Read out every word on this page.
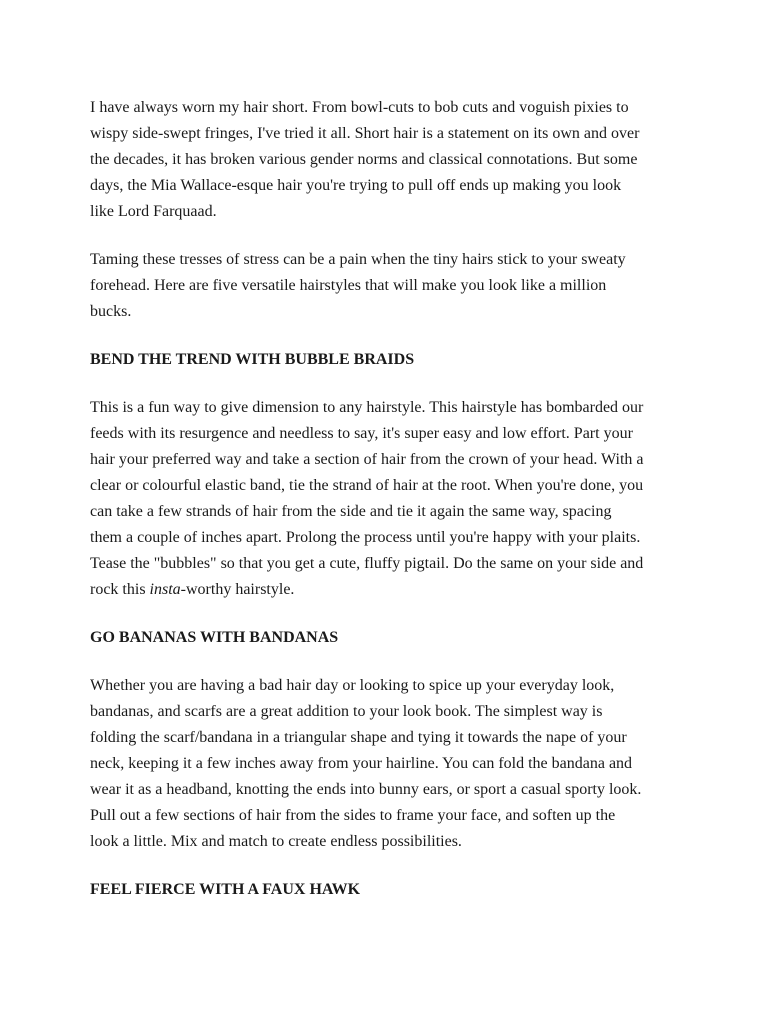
I have always worn my hair short. From bowl-cuts to bob cuts and voguish pixies to
wispy side-swept fringes, I've tried it all. Short hair is a statement on its own and over
the decades, it has broken various gender norms and classical connotations. But some
days, the Mia Wallace-esque hair you're trying to pull off ends up making you look
like Lord Farquaad.

Taming these tresses of stress can be a pain when the tiny hairs stick to your sweaty
forehead. Here are five versatile hairstyles that will make you look like a million
bucks.

BEND THE TREND WITH BUBBLE BRAIDS

This is a fun way to give dimension to any hairstyle. This hairstyle has bombarded our
feeds with its resurgence and needless to say, it's super easy and low effort. Part your
hair your preferred way and take a section of hair from the crown of your head. With a
clear or colourful elastic band, tie the strand of hair at the root. When you're done, you
can take a few strands of hair from the side and tie it again the same way, spacing
them a couple of inches apart. Prolong the process until you're happy with your plaits.
Tease the "bubbles" so that you get a cute, fluffy pigtail. Do the same on your side and
rock this insta-worthy hairstyle.

GO BANANAS WITH BANDANAS

Whether you are having a bad hair day or looking to spice up your everyday look,
bandanas, and scarfs are a great addition to your look book. The simplest way is
folding the scarf/bandana in a triangular shape and tying it towards the nape of your
neck, keeping it a few inches away from your hairline. You can fold the bandana and
wear it as a headband, knotting the ends into bunny ears, or sport a casual sporty look.
Pull out a few sections of hair from the sides to frame your face, and soften up the
look a little. Mix and match to create endless possibilities.

FEEL FIERCE WITH A FAUX HAWK
